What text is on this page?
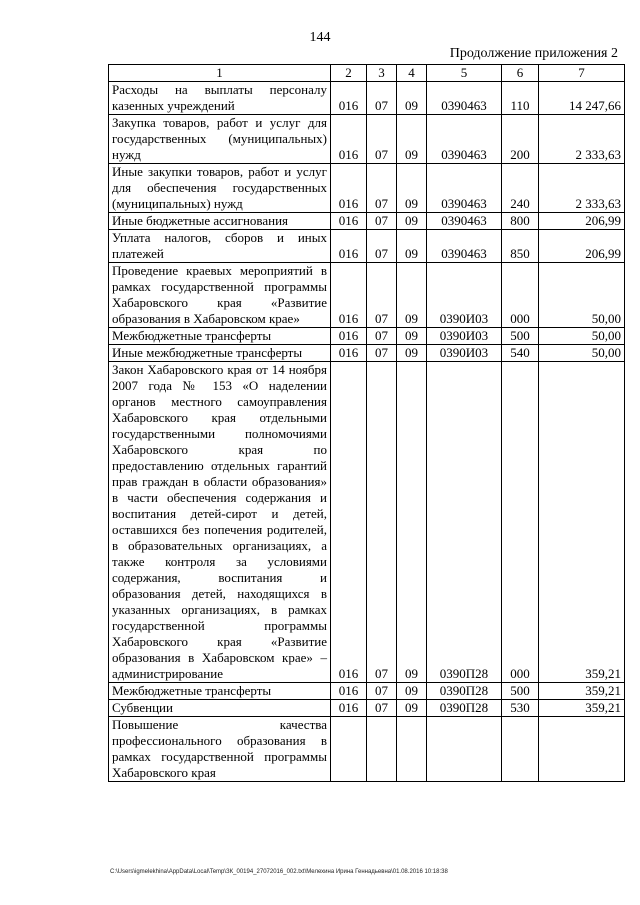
144
Продолжение приложения 2
1	2	3	4	5	6	7
Расходы на выплаты персоналу казенных учреждений	016	07	09	0390463	110	14 247,66
Закупка товаров, работ и услуг для государственных (муниципальных) нужд	016	07	09	0390463	200	2 333,63
Иные закупки товаров, работ и услуг для обеспечения государственных (муниципальных) нужд	016	07	09	0390463	240	2 333,63
Иные бюджетные ассигнования	016	07	09	0390463	800	206,99
Уплата налогов, сборов и иных платежей	016	07	09	0390463	850	206,99
Проведение краевых мероприятий в рамках государственной программы Хабаровского края «Развитие образования в Хабаровском крае»	016	07	09	0390И03	000	50,00
Межбюджетные трансферты	016	07	09	0390И03	500	50,00
Иные межбюджетные трансферты	016	07	09	0390И03	540	50,00
Закон Хабаровского края от 14 ноября 2007 года № 153 «О наделении органов местного самоуправления Хабаровского края отдельными государственными полномочиями Хабаровского края по предоставлению отдельных гарантий прав граждан в области образования» в части обеспечения содержания и воспитания детей-сирот и детей, оставшихся без попечения родителей, в образовательных организациях, а также контроля за условиями содержания, воспитания и образования детей, находящихся в указанных организациях, в рамках государственной программы Хабаровского края «Развитие образования в Хабаровском крае» – администрирование	016	07	09	0390П28	000	359,21
Межбюджетные трансферты	016	07	09	0390П28	500	359,21
Субвенции	016	07	09	0390П28	530	359,21
Повышение качества профессионального образования в рамках государственной программы Хабаровского края						
C:\Users\igmelekhina\AppData\Local\Temp\ЗК_00194_27072016_002.txt\Мелехина Ирина Геннадьевна\01.08.2016 10:18:38
